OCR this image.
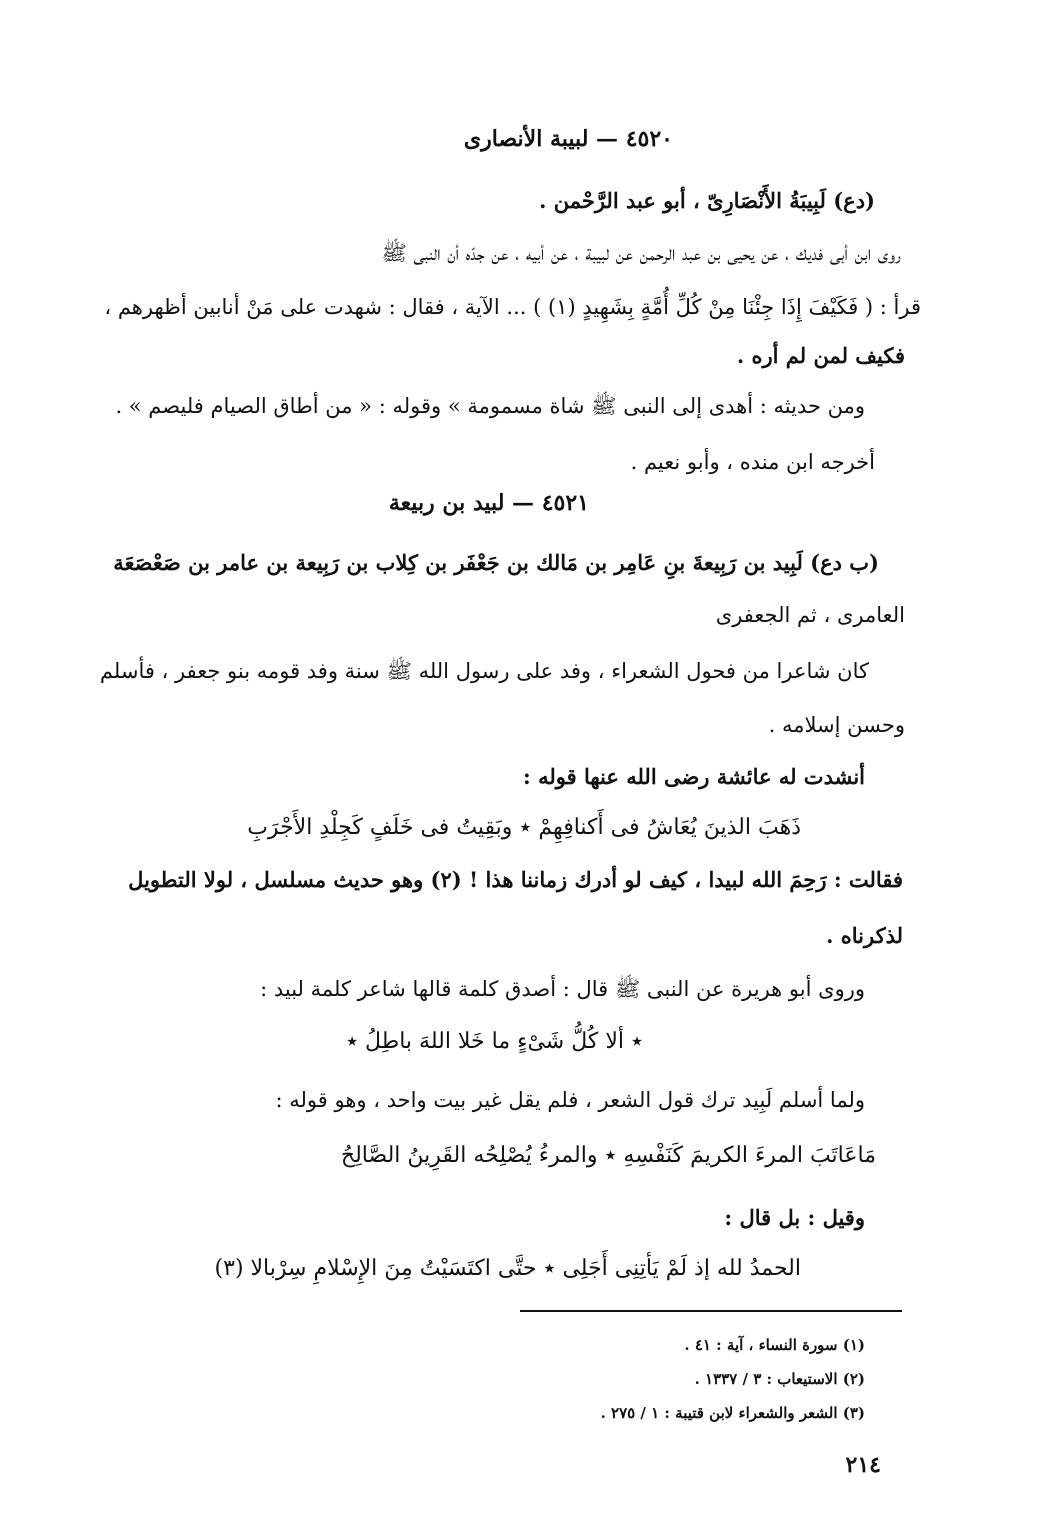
٤٥٢٠ — لبيبة الأنصارى
(دع) لَبِيبَةُ الأَنْصَارِىّ ، أبو عبد الرَّحْمن .
روى ابن أبى فديك ، عن يحيى بن عبد الرحمن عن لبيبة ، عن أبيه ، عن جدّه أن النبى ﷺ
قرأ : ( فَكَيْفَ إِذَا جِئْنَا مِنْ كُلِّ أُمَّةٍ بِشَهِيدٍ (١) ) ... الآية ، فقال : شهدت على مَنْ أنابين أظهرهم ،
فكيف لمن لم أره .
ومن حديثه : أهدى إلى النبى ﷺ شاة مسمومة » وقوله : « من أطاق الصيام فليصم » .
أخرجه ابن منده ، وأبو نعيم .
٤٥٢١ — لبيد بن ربيعة
(ب دع) لَبِيد بن رَبِيعةَ بنِ عَامِر بن مَالك بن جَعْفَر بن كِلاب بن رَبِيعة بن عامر بن صَعْصَعَة
العامرى ، ثم الجعفرى
كان شاعرا من فحول الشعراء ، وفد على رسول الله ﷺ سنة وفد قومه بنو جعفر ، فأسلم
وحسن إسلامه .
أنشدت له عائشة رضى الله عنها قوله :
ذَهَبَ الذينَ يُعَاشُ فى أَكنافِهِمْ ٭ وبَقِيتُ فى خَلَفٍ كَجِلْدِ الأَجْرَبِ
فقالت : رَحِمَ الله لبيدا ، كيف لو أدرك زماننا هذا ! (٢) وهو حديث مسلسل ، لولا التطويل
لذكرناه .
وروى أبو هريرة عن النبى ﷺ قال : أصدق كلمة قالها شاعر كلمة لبيد :
٭ ألا كُلُّ شَىْءٍ ما خَلا اللهَ باطِلُ ٭
ولما أسلم لَبِيد ترك قول الشعر ، فلم يقل غير بيت واحد ، وهو قوله :
مَاعَاتَبَ المرءَ الكريمَ كَنَفْسِهِ ٭ والمرءُ يُصْلِحُه القَرِينُ الصَّالِحُ
وقيل : بل قال :
الحمدُ لله إذ لَمْ يَأتِنِى أَجَلِى ٭ حتَّى اكتَسَيْتُ مِنَ الإِسْلامِ سِرْبالا (٣)
(١) سورة النساء ، آية : ٤١ .
(٢) الاستيعاب : ٣ / ١٣٣٧ .
(٣) الشعر والشعراء لابن قتيبة : ١ / ٢٧٥ .
٢١٤
